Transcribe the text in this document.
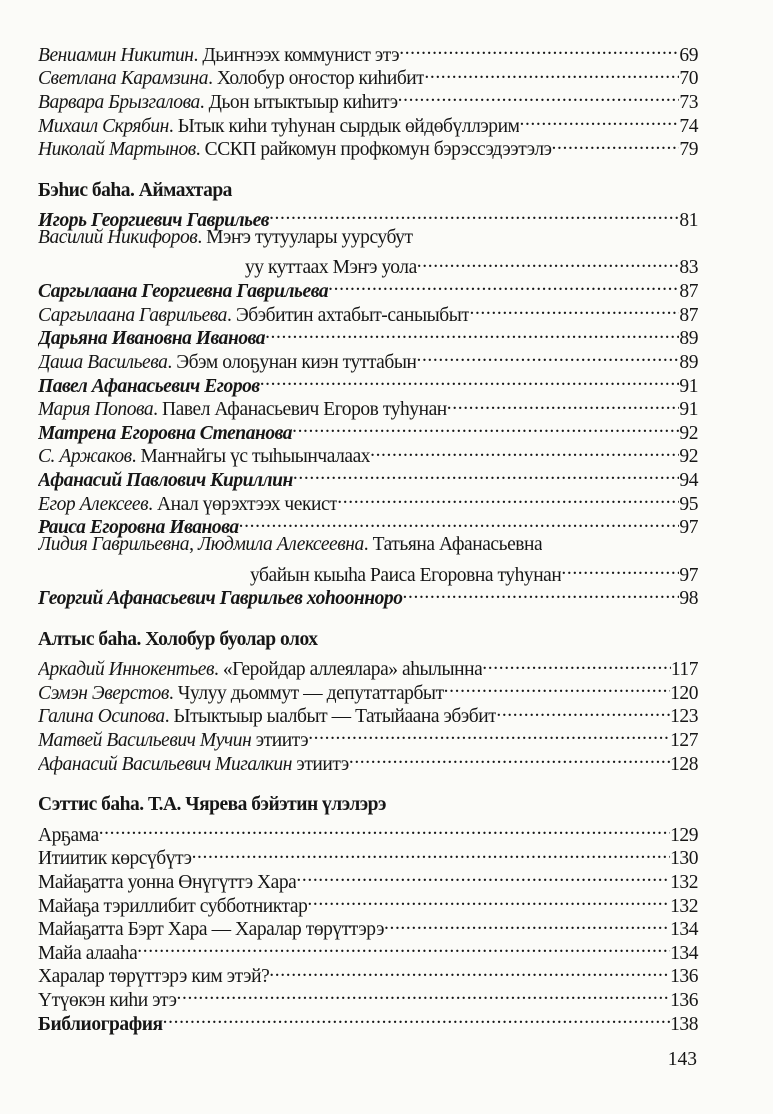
Вениамин Никитин. Дьиҥнээх коммунист этэ .....	69
Светлана Карамзина. Холобур оҥостор киһибит .....	70
Варвара Брызгалова. Дьон ытыктыыр киһитэ .....	73
Михаил Скрябин. Ытык киһи туһунан сырдык өйдөбүллэрим .....	74
Николай Мартынов. ССКП райкомун профкомун бэрэссэдээтэлэ .....	79
Бэһис баһа. Аймахтара
Игорь Георгиевич Гаврильев .....	81
Василий Никифоров. Мэҥэ тутуулары уурсубут
уу куттаах Мэҥэ уола .....	83
Саргылаана Георгиевна Гаврильева .....	87
Саргылаана Гаврильева. Эбэбитин ахтабыт-саныыбыт .....	87
Дарьяна Ивановна Иванова .....	89
Даша Васильева. Эбэм олоҕунан киэн туттабын .....	89
Павел Афанасьевич Егоров .....	91
Мария Попова. Павел Афанасьевич Егоров туһунан .....	91
Матрена Егоровна Степанова .....	92
С. Аржаков. Маҥнайгы үс тыһыынчалаах .....	92
Афанасий Павлович Кириллин .....	94
Егор Алексеев. Анал үөрэхтээх чекист .....	95
Раиса Егоровна Иванова .....	97
Лидия Гаврильевна, Людмила Алексеевна. Татьяна Афанасьевна
убайын кыыһа Раиса Егоровна туһунан .....	97
Георгий Афанасьевич Гаврильев хоһоонноро .....	98
Алтыс баһа. Холобур буолар олох
Аркадий Иннокентьев. «Геройдар аллеялара» аһылынна .....	117
Сэмэн Эверстов. Чулуу дьоммут — депутаттарбыт .....	120
Галина Осипова. Ытыктыыр ыалбыт — Татыйаана эбэбит .....	123
Матвей Васильевич Мучин этиитэ .....	127
Афанасий Васильевич Мигалкин этиитэ .....	128
Сэттис баһа. Т.А. Чярева бэйэтин үлэлэрэ
Арҕама .....	129
Итиитик көрсүбүтэ .....	130
Майаҕатта уонна Өнүгүттэ Хара .....	132
Майаҕа тэриллибит субботниктар .....	132
Майаҕатта Бэрт Хара — Харалар төрүттэрэ .....	134
Майа алааһа .....	134
Харалар төрүттэрэ ким этэй? .....	136
Үтүөкэн киһи этэ .....	136
Библиография .....	138
143
